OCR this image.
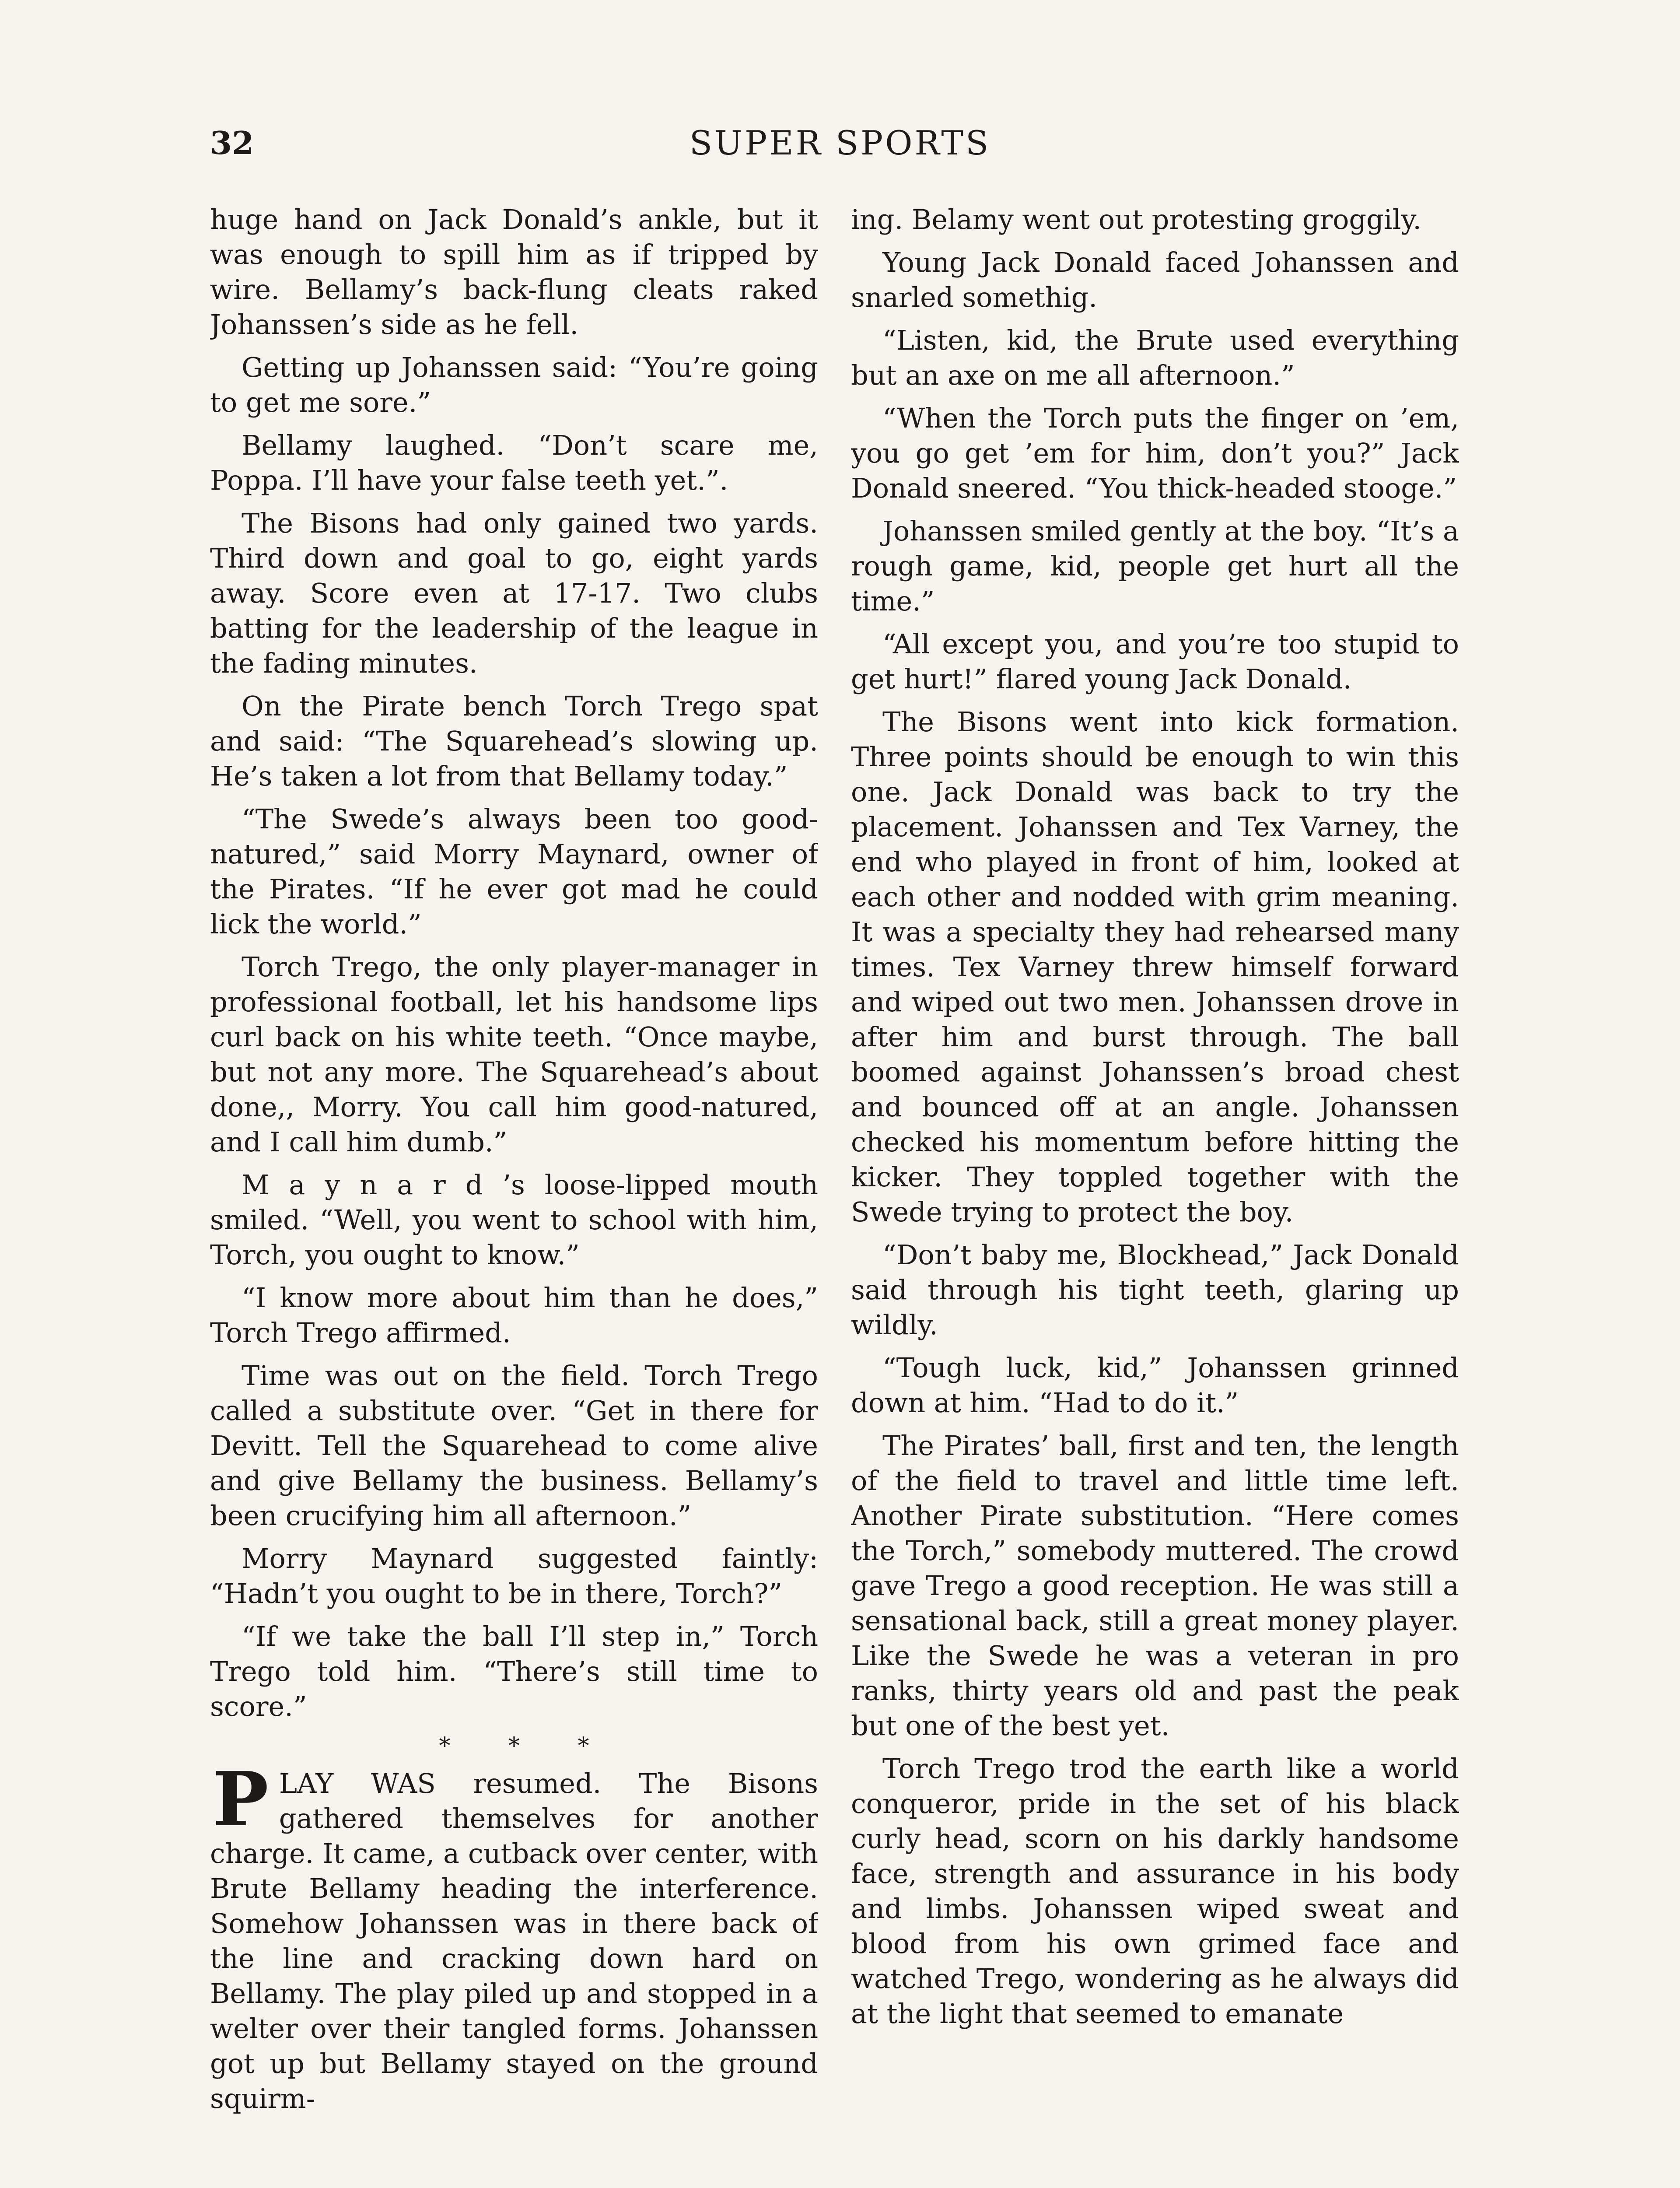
32	SUPER SPORTS

huge hand on Jack Donald’s ankle, but it was enough to spill him as if tripped by wire. Bellamy’s back-flung cleats raked Johanssen’s side as he fell.

Getting up Johanssen said: “You’re going to get me sore.”

Bellamy laughed. “Don’t scare me, Poppa. I’ll have your false teeth yet.”.

The Bisons had only gained two yards. Third down and goal to go, eight yards away. Score even at 17-17. Two clubs batting for the leadership of the league in the fading minutes.

On the Pirate bench Torch Trego spat and said: “The Squarehead’s slowing up. He’s taken a lot from that Bellamy today.”

“The Swede’s always been too good-natured,” said Morry Maynard, owner of the Pirates. “If he ever got mad he could lick the world.”

Torch Trego, the only player-manager in professional football, let his handsome lips curl back on his white teeth. “Once maybe, but not any more. The Squarehead’s about done,, Morry. You call him good-natured, and I call him dumb.”

M a y n a r d ’s loose-lipped mouth smiled. “Well, you went to school with him, Torch, you ought to know.”

“I know more about him than he does,” Torch Trego affirmed.

Time was out on the field. Torch Trego called a substitute over. “Get in there for Devitt. Tell the Squarehead to come alive and give Bellamy the business. Bellamy’s been crucifying him all afternoon.”

Morry Maynard suggested faintly: “Hadn’t you ought to be in there, Torch?”

“If we take the ball I’ll step in,” Torch Trego told him. “There’s still time to score.”

* * *

PLAY WAS resumed. The Bisons gathered themselves for another charge. It came, a cutback over center, with Brute Bellamy heading the interference. Somehow Johanssen was in there back of the line and cracking down hard on Bellamy. The play piled up and stopped in a welter over their tangled forms. Johanssen got up but Bellamy stayed on the ground squirm-

ing. Belamy went out protesting groggily.

Young Jack Donald faced Johanssen and snarled somethig.

“Listen, kid, the Brute used everything but an axe on me all afternoon.”

“When the Torch puts the finger on ’em, you go get ’em for him, don’t you?” Jack Donald sneered. “You thick-headed stooge.”

Johanssen smiled gently at the boy. “It’s a rough game, kid, people get hurt all the time.”

“All except you, and you’re too stupid to get hurt!” flared young Jack Donald.

The Bisons went into kick formation. Three points should be enough to win this one. Jack Donald was back to try the placement. Johanssen and Tex Varney, the end who played in front of him, looked at each other and nodded with grim meaning. It was a specialty they had rehearsed many times. Tex Varney threw himself forward and wiped out two men. Johanssen drove in after him and burst through. The ball boomed against Johanssen’s broad chest and bounced off at an angle. Johanssen checked his momentum before hitting the kicker. They toppled together with the Swede trying to protect the boy.

“Don’t baby me, Blockhead,” Jack Donald said through his tight teeth, glaring up wildly.

“Tough luck, kid,” Johanssen grinned down at him. “Had to do it.”

The Pirates’ ball, first and ten, the length of the field to travel and little time left. Another Pirate substitution. “Here comes the Torch,” somebody muttered. The crowd gave Trego a good reception. He was still a sensational back, still a great money player. Like the Swede he was a veteran in pro ranks, thirty years old and past the peak but one of the best yet.

Torch Trego trod the earth like a world conqueror, pride in the set of his black curly head, scorn on his darkly handsome face, strength and assurance in his body and limbs. Johanssen wiped sweat and blood from his own grimed face and watched Trego, wondering as he always did at the light that seemed to emanate
